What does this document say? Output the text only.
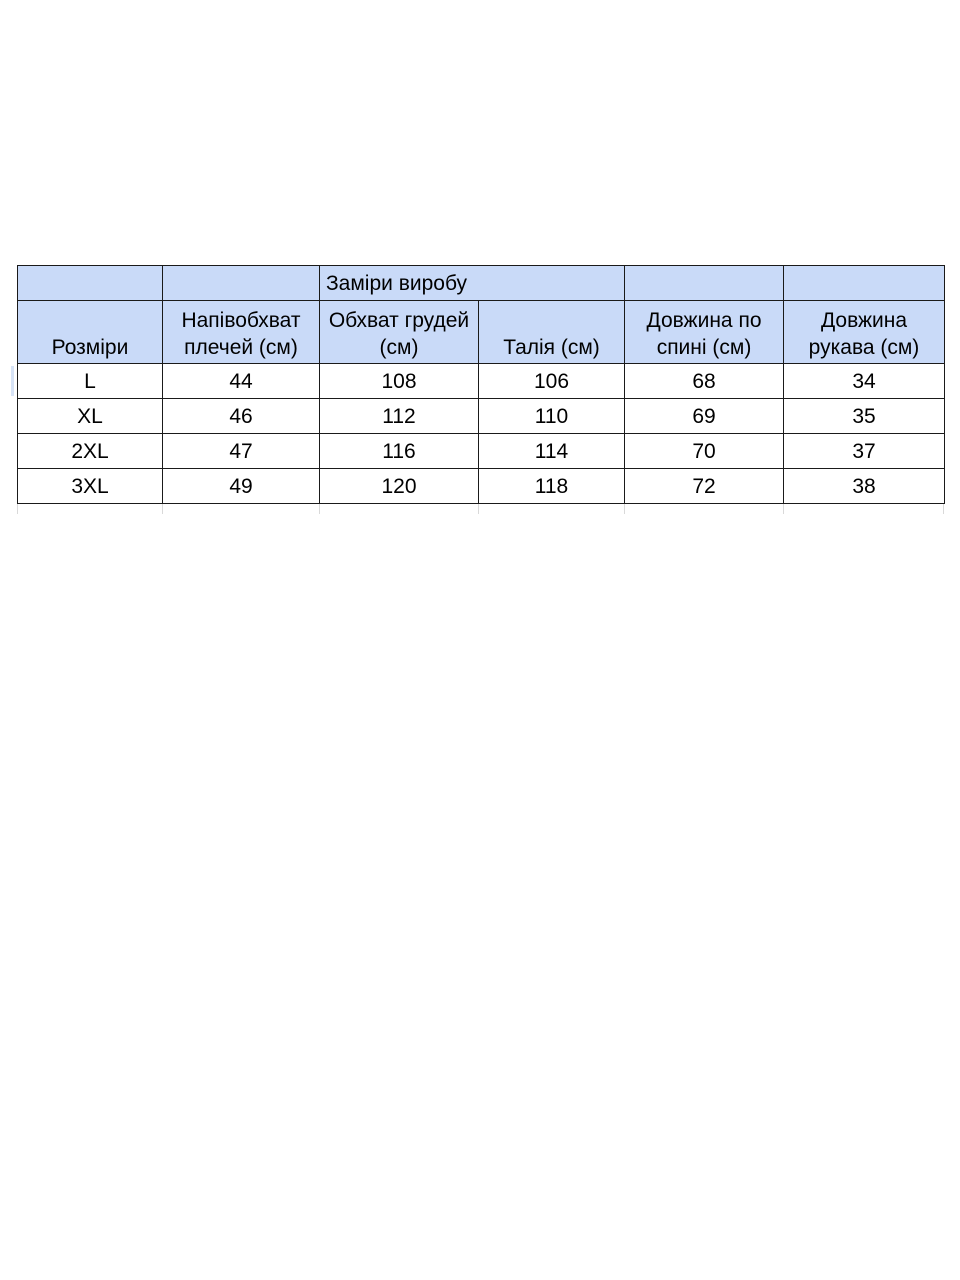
		Заміри виробу			
Розміри	Напівобхват плечей (см)	Обхват грудей (см)	Талія (см)	Довжина по спині (см)	Довжина рукава (см)
L	44	108	106	68	34
XL	46	112	110	69	35
2XL	47	116	114	70	37
3XL	49	120	118	72	38
